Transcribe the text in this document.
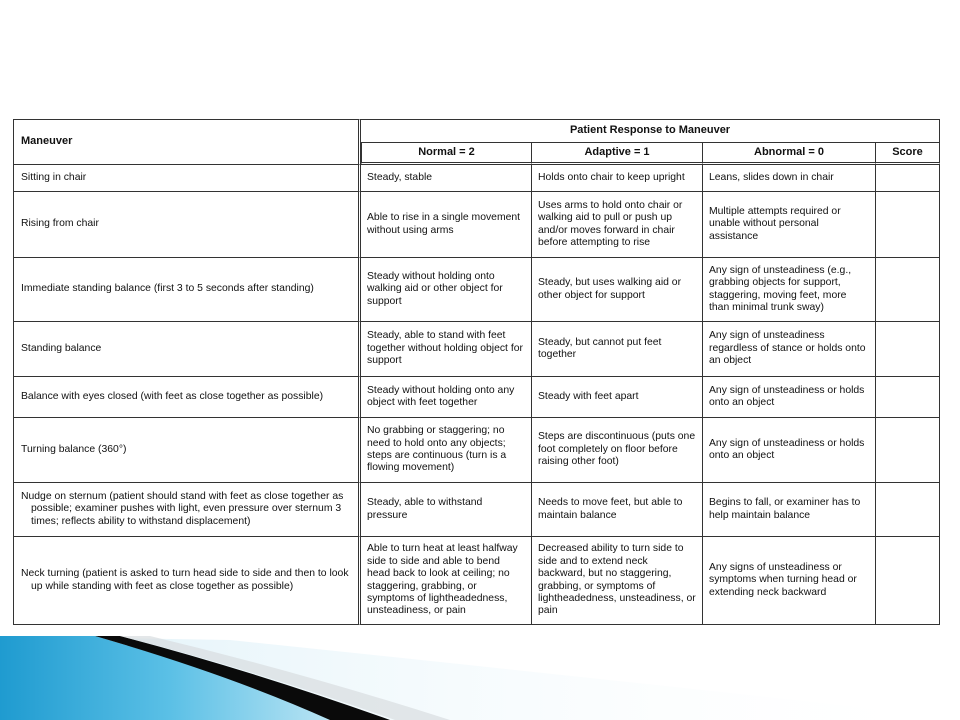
Maneuver	Patient Response to Maneuver			
	Normal = 2	Adaptive = 1	Abnormal = 0	Score
Sitting in chair	Steady, stable	Holds onto chair to keep upright	Leans, slides down in chair	
Rising from chair	Able to rise in a single movement without using arms	Uses arms to hold onto chair or walking aid to pull or push up and/or moves forward in chair before attempting to rise	Multiple attempts required or unable without personal assistance	
Immediate standing balance (first 3 to 5 seconds after standing)	Steady without holding onto walking aid or other object for support	Steady, but uses walking aid or other object for support	Any sign of unsteadiness (e.g., grabbing objects for support, staggering, moving feet, more than minimal trunk sway)	
Standing balance	Steady, able to stand with feet together without holding object for support	Steady, but cannot put feet together	Any sign of unsteadiness regardless of stance or holds onto an object	
Balance with eyes closed (with feet as close together as possible)	Steady without holding onto any object with feet together	Steady with feet apart	Any sign of unsteadiness or holds onto an object	
Turning balance (360°)	No grabbing or staggering; no need to hold onto any objects; steps are continuous (turn is a flowing movement)	Steps are discontinuous (puts one foot completely on floor before raising other foot)	Any sign of unsteadiness or holds onto an object	

Nudge on sternum (patient should stand with feet as close together as possible; examiner pushes with light, even pressure over sternum 3 times; reflects ability to withstand displacement)	Steady, able to withstand pressure	Needs to move feet, but able to maintain balance	Begins to fall, or examiner has to help maintain balance	

Neck turning (patient is asked to turn head side to side and then to look up while standing with feet as close together as possible)	Able to turn heat at least halfway side to side and able to bend head back to look at ceiling; no staggering, grabbing, or symptoms of lightheadedness, unsteadiness, or pain	Decreased ability to turn side to side and to extend neck backward, but no staggering, grabbing, or symptoms of lightheadedness, unsteadiness, or pain	Any signs of unsteadiness or symptoms when turning head or extending neck backward	
